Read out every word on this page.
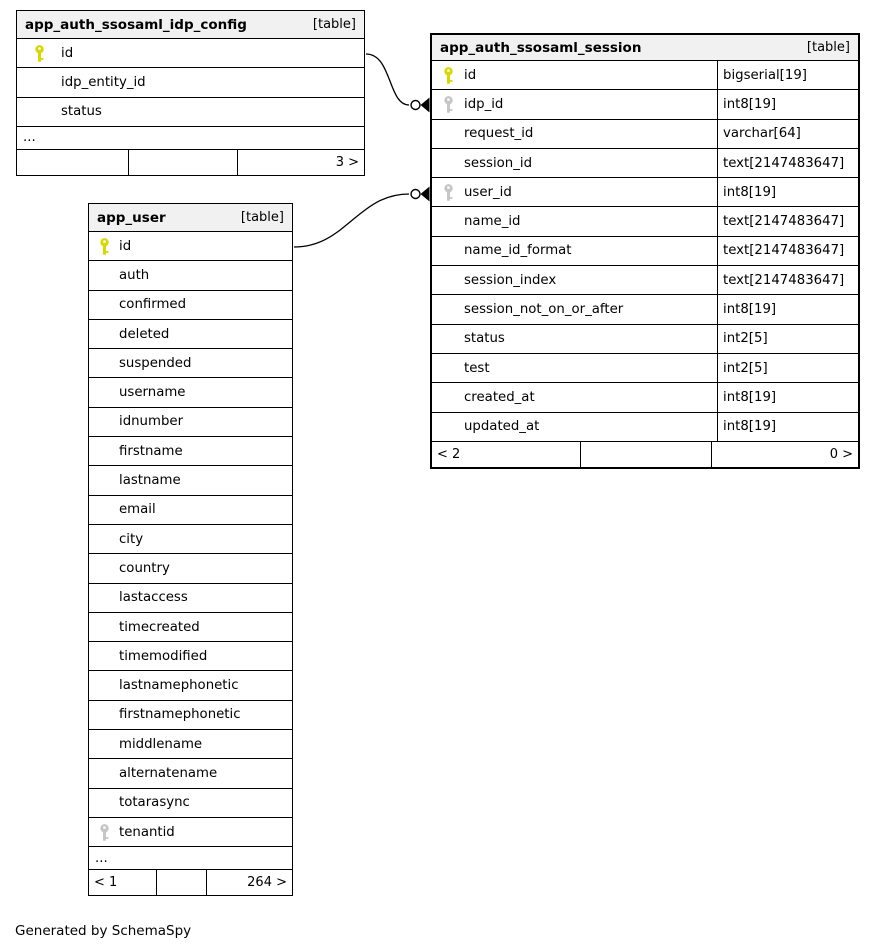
app_auth_ssosaml_idp_config	[table]
id
idp_entity_id
status
...
3 >
app_auth_ssosaml_session	[table]
id	bigserial[19]
idp_id	int8[19]
request_id	varchar[64]
session_id	text[2147483647]
user_id	int8[19]
name_id	text[2147483647]
name_id_format	text[2147483647]
session_index	text[2147483647]
session_not_on_or_after	int8[19]
status	int2[5]
test	int2[5]
created_at	int8[19]
updated_at	int8[19]
< 2	0 >
app_user	[table]
id
auth
confirmed
deleted
suspended
username
idnumber
firstname
lastname
email
city
country
lastaccess
timecreated
timemodified
lastnamephonetic
firstnamephonetic
middlename
alternatename
totarasync
tenantid
...
< 1	264 >
Generated by SchemaSpy
